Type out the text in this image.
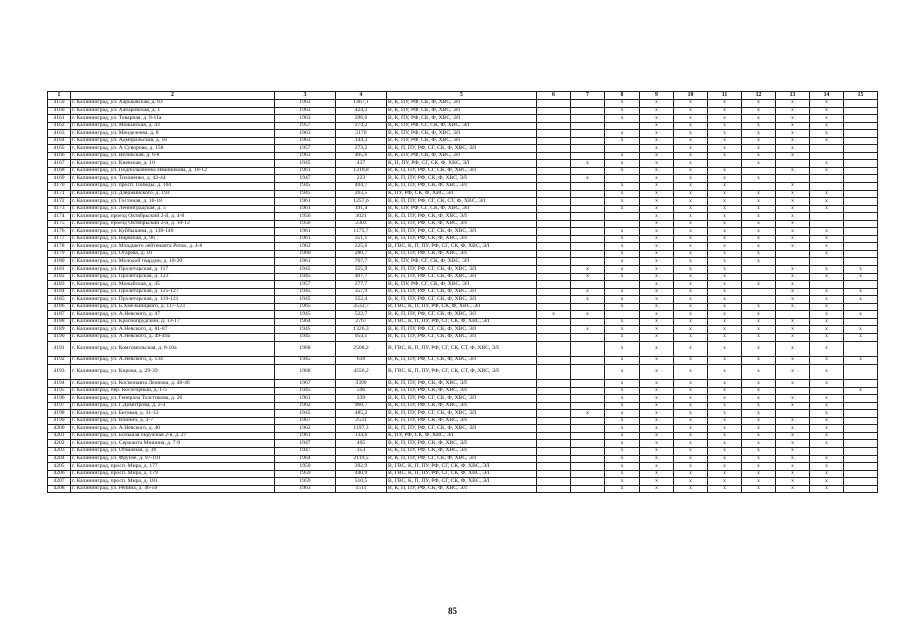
1	2	3	4	5	6	7	8	9	10	11	12	13	14	15
4159	г. Калининград, ул. Харьковская, д. 83	1963	1467,1	В, К, ПУ, РФ, СК, Ф, ХВС, ЭЛ			x	x	x	x	x	x	x	
4160	г. Калининград, ул. Хабаровская, д. 1	1963	424,2	В, К, ПУ, РФ, СК, Ф, ХВС, ЭЛ			x	x	x	x	x	x	x	
4161	г. Калининград, ул. Товарная, д. 9-11а	1963	296,6	В, К, ПУ, РФ, СК, Ф, ХВС, ЭЛ			x	x	x	x	x	x	x	
4162	г. Калининград, ул. Можайская, д. 43	1957	274,2	В, К, ПУ, РФ, СГ, СК, Ф, ХВС, ЭЛ				x	x	x	x	x	x	
4163	г. Калининград, ул. Менделеева, д. 8	1963	5170	В, К, ПУ, РФ, СК, Ф, ХВС, ЭЛ			x	x	x	x	x	x	x	
4164	г. Калининград, ул. Адмиральская, д. 16	1963	144,3	В, К, ПУ, РФ, СК, Ф, ХВС, ЭЛ			x	x	x	x	x	x	x	
4165	г. Калининград, ул. А Суворова, д. 158	1957	273,2	В, К, П, ПУ, РФ, СГ, СК, Ф, ХВС, ЭЛ				x	x	x	x	x		
4166	г. Калининград, ул. Великская, д. 6-8	1963	405,6	В, К, ПУ, РФ, СК, Ф, ХВС, ЭЛ			x	x	x	x	x	x		
4167	г. Калининград, ул. Киевская, д. 10	1945	437	К, П, ПУ, РФ, СГ, СК, Ф, ХВС, ЭЛ		x	x	x	x		x		x	
4168	г. Калининград, ул. Подполковника Иванникова, д. 10-12	1961	1310,8	В, К, П, ПУ, РФ, СГ, СК, Ф, ХВС, ЭЛ			x	x	x	x		x	x	
4169	г. Калининград, ул. Тихоненко, д. 42-44	1947	223	В, К, П, ПУ, РФ, СК, Ф, ХВС, ЭЛ		x		x	x	x	x			
4170	г. Калининград, ул. просп. Победы, д. 104	1945	404,7	В, К, П, ПУ, РФ, СК, Ф, ХВС, ЭЛ			x	x	x	x		x		
4171	г. Калининград, ул. Дзержинского, д. 193	1945	263,5	К, ПУ, РФ, СК, Ф, ХВС, ЭЛ			x	x	x	x	x	x	x	
4172	г. Калининград, ул. Гостиная, д. 16-18	1961	1257,6	В, К, П, ПУ, РФ, СГ, СК, СТ, Ф, ХВС, ЭЛ			x	x	x	x	x	x	x	
4173	г. Калининград, ул. Ленинградская, д. 5	1961	191,4	В, К, ПУ, РФ, СГ, СК, Ф, ХВС, ЭЛ			x	x	x	x	x	x	x	
4174	г. Калининград, проезд Октябрьский 2-й, д. 4-8	1956	3021	В, К, П, ПУ, РФ, СК, Ф, ХВС, ЭЛ				x	x	x	x	x		
4175	г. Калининград, проезд Октябрьский 2-й, д. 10-12	1956	2303	В, К, П, ПУ, РФ, СК, Ф, ХВС, ЭЛ				x	x	x	x	x		
4176	г. Калининград, ул. Куйбышева, д. 138-140	1961	1175,7	В, К, П, ПУ, РФ, СГ, СК, Ф, ХВС, ЭЛ			x	x	x	x	x	x	x	
4177	г. Калининград, ул. Нарвская, д. 96	1961	351,1	В, К, П, ПУ, РФ, СК, Ф, ХВС, ЭЛ			x	x	x	x	x	x	x	
4178	г. Калининград, ул. Младшего лейтенанта Ротко, д. 4-8	1962	225,6	В, ГВС, К, П, ПУ, РФ, СГ, СК, Ф, ХВС, ЭЛ			x	x	x	x	x	x	x	
4179	г. Калининград, ул. Огарева, д. 10	1960	280,7	В, К, П, ПУ, РФ, СК, Ф, ХВС, ЭЛ			x	x	x	x	x		x	
4180	г. Калининград, ул. Молодой гвардии, д. 18-20	1961	767,7	В, К, ПУ, РФ, СГ, СК, Ф, ХВС, ЭЛ			x	x	x	x	x			
4181	г. Калининград, ул. Пролетарская, д. 117	1945	355,9	В, К, П, ПУ, РФ, СГ, СК, Ф, ХВС, ЭЛ		x	x	x	x	x		x	x	x
4182	г. Калининград, ул. Пролетарская, д. 123	1945	407,7	В, К, П, ПУ, РФ, СГ, СК, Ф, ХВС, ЭЛ		x	x	x	x	x		x	x	x
4183	г. Калининград, ул. Можайская, д. 45	1957	277,7	В, К, ПУ, РФ, СГ, СК, Ф, ХВС, ЭЛ				x	x	x	x	x		
4184	г. Калининград, ул. Пролетарская, д. 125-127	1945	357,9	В, К, П, ПУ, РФ, СГ, СК, Ф, ХВС, ЭЛ		x	x	x	x	x		x	x	x
4185	г. Калининград, ул. Пролетарская, д. 119-121	1945	352,4	В, К, П, ПУ, РФ, СГ, СК, Ф, ХВС, ЭЛ		x	x	x	x	x		x	x	x
4186	г. Калининград, ул. Б.Хмельницкого, д. 117-123	1965	3532,7	В, ГВС, К, П, ПУ, РФ, СК, Ф, ХВС, ЭЛ			x	x	x	x	x	x	x	
4187	г. Калининград, ул. А.Невского, д. 47	1945	522,7	В, К, П, ПУ, РФ, СГ, СК, Ф, ХВС, ЭЛ	x	x		x	x	x	x		x	x
4188	г. Калининград, ул. Краснопрудский, д. 13-17	1964	2767	В, ГВС, К, П, ПУ, РФ, СГ, СК, Ф, ХВС, ЭЛ			x	x	x	x	x	x	x	
4189	г. Калининград, ул. А.Невского, д. 81-87	1945	1326,3	В, К, П, ПУ, РФ, СГ, СК, Ф, ХВС, ЭЛ		x	x	x	x	x	x	x	x	x
4190	г. Калининград, ул. А.Невского, д. 49-49а	1945	954,1	В, К, П, ПУ, РФ, СГ, СК, Ф, ХВС, ЭЛ			x	x	x	x	x	x	x	x
4191	г. Калининград, ул. Комсомольская, д. 8-10а	1968	2508,2	В, ГВС, К, П, ПУ, РФ, СГ, СК, СТ, Ф, ХВС, ЭЛ			x	x	x	x	x	x	x	
4192	г. Калининград, ул. А.Невского, д. 134	1945	618	В, К, П, ПУ, РФ, СГ, СК, Ф, ХВС, ЭЛ			x	x	x	x	x	x	x	x
4193	г. Калининград, ул. Кирова, д. 29-39	1968	4556,2	В, ГВС, К, П, ПУ, РФ, СГ, СК, СТ, Ф, ХВС, ЭЛ			x	x	x	x	x	x	x	
4194	г. Калининград, ул. Космонавта Леонова, д. 40-46	1967	3399	В, К, П, ПУ, РФ, СК, Ф, ХВС, ЭЛ			x	x	x	x	x	x	x	
4195	г. Калининград, пер. Косогорный, д. 1-5	1945	596	В, К, П, ПУ, РФ, СК, Ф, ХВС, ЭЛ			x	x	x	x	x			x
4196	г. Калининград, ул. Генерала Толстикова, д. 26	1961	339	В, К, П, ПУ, РФ, СГ, СК, Ф, ХВС, ЭЛ			x	x	x	x	x	x	x	
4197	г. Калининград, ул. Г.Димитрова, д. 2-4	1962	968,7	В, К, П, ПУ, РФ, СК, Ф, ХВС, ЭЛ			x	x	x	x	x	x	x	
4198	г. Калининград, ул. Беговая, д. 31-33	1945	485,2	В, К, П, ПУ, РФ, СГ, СК, Ф, ХВС, ЭЛ		x	x	x	x	x	x		x	
4199	г. Калининград, ул. Войнич, д. 3-7	1967	2531	В, К, П, ПУ, РФ, СК, Ф, ХВС, ЭЛ			x	x	x	x	x	x	x	
4200	г. Калининград, ул. А.Невского, д. 40	1962	1197,3	В, К, П, ПУ, РФ, СГ, СК, Ф, ХВС, ЭЛ			x	x	x	x	x	x	x	
4201	г. Калининград, ул. Большая окружная 2-я, д. 27	1961	134,6	К, ПУ, РФ, СК, Ф, ХВС, ЭЛ			x	x	x	x	x	x	x	
4202	г. Калининград, ул. Сержанта Мишина, д. 7-9	1947	405	В, К, П, ПУ, РФ, СК, Ф, ХВС, ЭЛ			x	x	x	x	x	x	x	
4203	г. Калининград, ул. Отважная, д. 36	1947	353	В, К, П, ПУ, РФ, СК, Ф, ХВС, ЭЛ			x	x	x	x	x	x		
4204	г. Калининград, ул. Фрунзе, д. 97-101	1964	2119,5	В, К, П, ПУ, РФ, СГ, СК, Ф, ХВС, ЭЛ			x	x	x	x	x	x	x	
4205	г. Калининград, просп. Мира, д. 177	1959	392,9	В, ГВС, К, П, ПУ, РФ, СГ, СК, Ф, ХВС, ЭЛ			x	x	x	x	x	x	x	
4206	г. Калининград, просп. Мира, д. 179	1959	440,9	В, ГВС, К, П, ПУ, РФ, СГ, СК, Ф, ХВС, ЭЛ			x	x	x	x	x	x	x	
4207	г. Калининград, просп. Мира, д. 181	1959	510,5	В, ГВС, К, П, ПУ, РФ, СГ, СК, Ф, ХВС, ЭЛ			x	x	x	x	x	x	x	
4208	г. Калининград, ул. Репина, д. 46-50	1963	1511	В, К, П, ПУ, РФ, СК, Ф, ХВС, ЭЛ			x	x	x	x	x	x	x	
85
